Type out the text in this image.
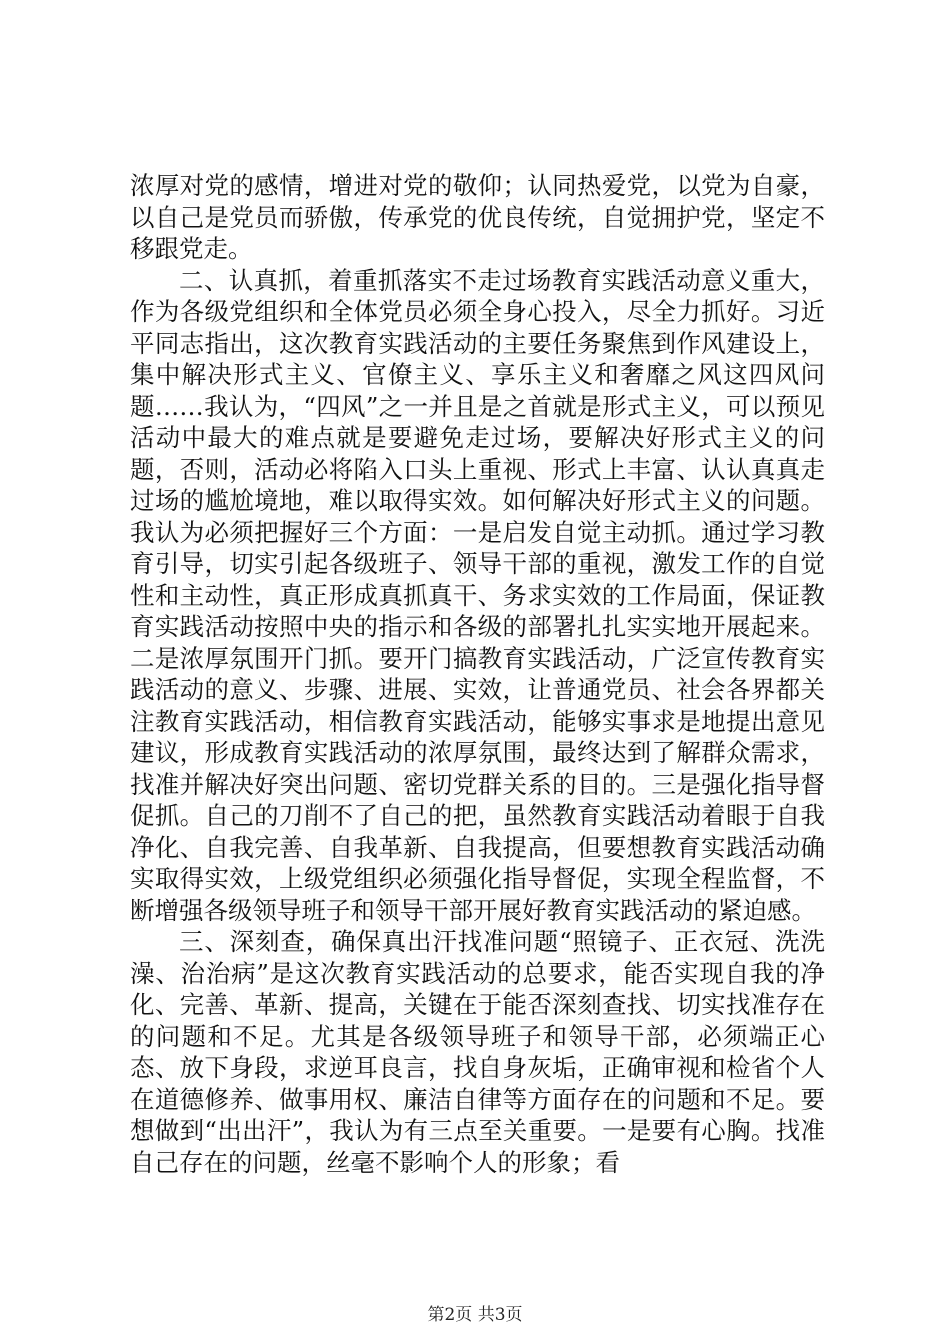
浓厚对党的感情，增进对党的敬仰；认同热爱党，以党为自豪，以自己是党员而骄傲，传承党的优良传统，自觉拥护党，坚定不移跟党走。

二、认真抓，着重抓落实不走过场教育实践活动意义重大，作为各级党组织和全体党员必须全身心投入，尽全力抓好。习近平同志指出，这次教育实践活动的主要任务聚焦到作风建设上，集中解决形式主义、官僚主义、享乐主义和奢靡之风这四风问题……我认为，“四风”之一并且是之首就是形式主义，可以预见活动中最大的难点就是要避免走过场，要解决好形式主义的问题，否则，活动必将陷入口头上重视、形式上丰富、认认真真走过场的尴尬境地，难以取得实效。如何解决好形式主义的问题。我认为必须把握好三个方面：一是启发自觉主动抓。通过学习教育引导，切实引起各级班子、领导干部的重视，激发工作的自觉性和主动性，真正形成真抓真干、务求实效的工作局面，保证教育实践活动按照中央的指示和各级的部署扎扎实实地开展起来。二是浓厚氛围开门抓。要开门搞教育实践活动，广泛宣传教育实践活动的意义、步骤、进展、实效，让普通党员、社会各界都关注教育实践活动，相信教育实践活动，能够实事求是地提出意见建议，形成教育实践活动的浓厚氛围，最终达到了解群众需求，找准并解决好突出问题、密切党群关系的目的。三是强化指导督促抓。自己的刀削不了自己的把，虽然教育实践活动着眼于自我净化、自我完善、自我革新、自我提高，但要想教育实践活动确实取得实效，上级党组织必须强化指导督促，实现全程监督，不断增强各级领导班子和领导干部开展好教育实践活动的紧迫感。

三、深刻查，确保真出汗找准问题“照镜子、正衣冠、洗洗澡、治治病”是这次教育实践活动的总要求，能否实现自我的净化、完善、革新、提高，关键在于能否深刻查找、切实找准存在的问题和不足。尤其是各级领导班子和领导干部，必须端正心态、放下身段，求逆耳良言，找自身灰垢，正确审视和检省个人在道德修养、做事用权、廉洁自律等方面存在的问题和不足。要想做到“出出汗”，我认为有三点至关重要。一是要有心胸。找准自己存在的问题，丝毫不影响个人的形象；看

第2页 共3页
